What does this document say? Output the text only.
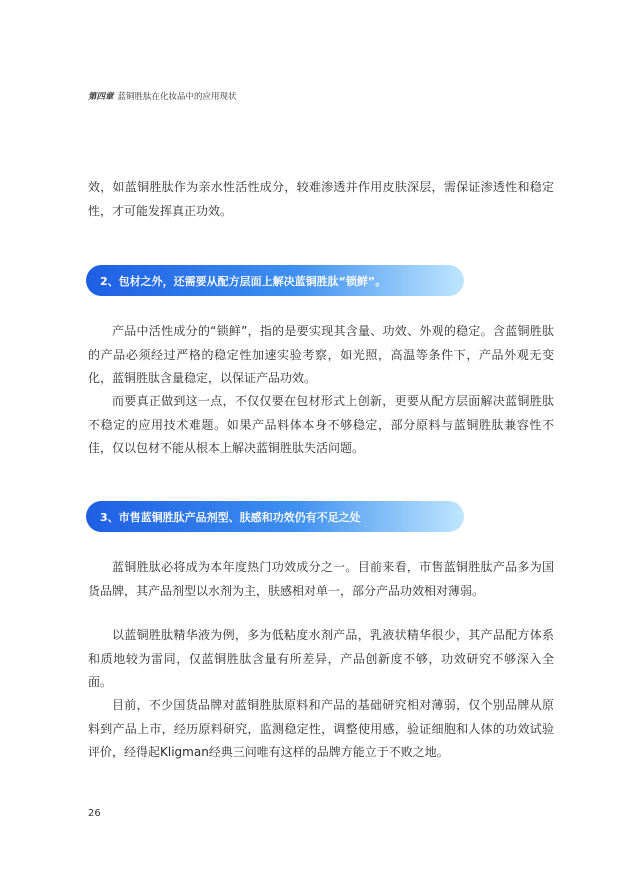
第四章 蓝铜胜肽在化妆品中的应用现状

效，如蓝铜胜肽作为亲水性活性成分，较难渗透并作用皮肤深层，需保证渗透性和稳定性，才可能发挥真正功效。

2、包材之外，还需要从配方层面上解决蓝铜胜肽“锁鲜”。

产品中活性成分的“锁鲜”，指的是要实现其含量、功效、外观的稳定。含蓝铜胜肽的产品必须经过严格的稳定性加速实验考察，如光照，高温等条件下，产品外观无变化，蓝铜胜肽含量稳定，以保证产品功效。

而要真正做到这一点，不仅仅要在包材形式上创新，更要从配方层面解决蓝铜胜肽不稳定的应用技术难题。如果产品料体本身不够稳定，部分原料与蓝铜胜肽兼容性不佳，仅以包材不能从根本上解决蓝铜胜肽失活问题。

3、市售蓝铜胜肽产品剂型、肤感和功效仍有不足之处

蓝铜胜肽必将成为本年度热门功效成分之一。目前来看，市售蓝铜胜肽产品多为国货品牌，其产品剂型以水剂为主，肤感相对单一，部分产品功效相对薄弱。

以蓝铜胜肽精华液为例，多为低粘度水剂产品，乳液状精华很少，其产品配方体系和质地较为雷同，仅蓝铜胜肽含量有所差异，产品创新度不够，功效研究不够深入全面。

目前，不少国货品牌对蓝铜胜肽原料和产品的基础研究相对薄弱，仅个别品牌从原料到产品上市，经历原料研究，监测稳定性，调整使用感，验证细胞和人体的功效试验评价，经得起Kligman经典三问唯有这样的品牌方能立于不败之地。

26
